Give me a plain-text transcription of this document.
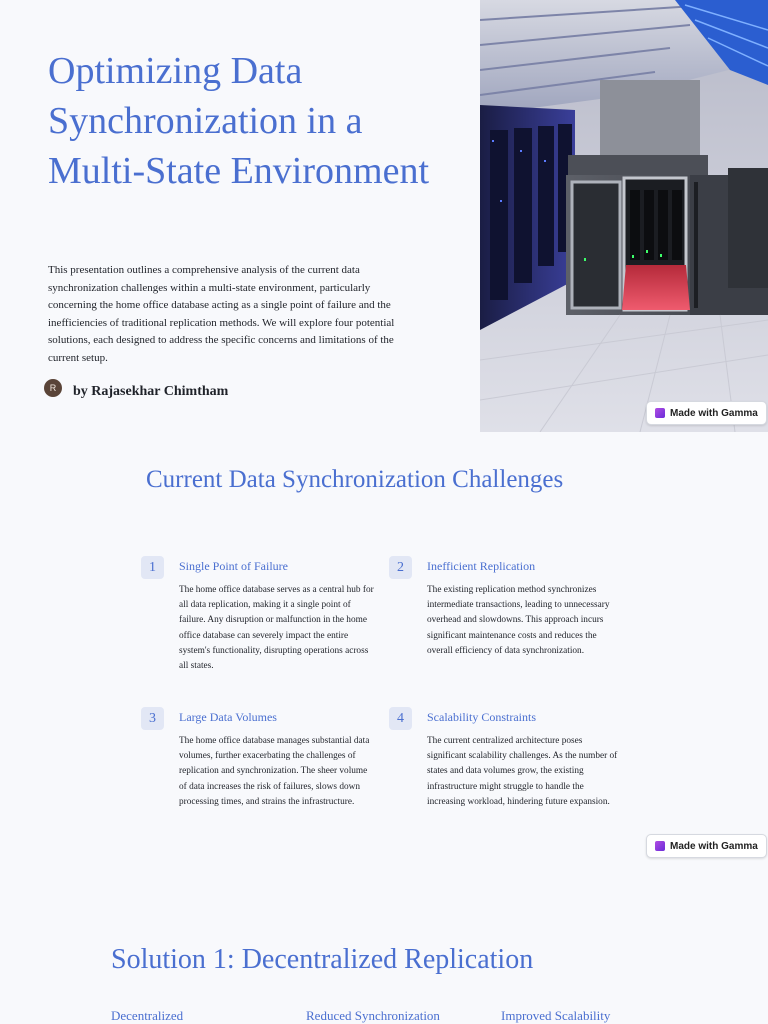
Optimizing Data Synchronization in a Multi-State Environment

This presentation outlines a comprehensive analysis of the current data synchronization challenges within a multi-state environment, particularly concerning the home office database acting as a single point of failure and the inefficiencies of traditional replication methods. We will explore four potential solutions, each designed to address the specific concerns and limitations of the current setup.

R	by Rajasekhar Chimtham
Made with Gamma
Current Data Synchronization Challenges
1	Single Point of Failure

The home office database serves as a central hub for all data replication, making it a single point of failure. Any disruption or malfunction in the home office database can severely impact the entire system's functionality, disrupting operations across all states.

2	Inefficient Replication

The existing replication method synchronizes intermediate transactions, leading to unnecessary overhead and slowdowns. This approach incurs significant maintenance costs and reduces the overall efficiency of data synchronization.

3	Large Data Volumes

The home office database manages substantial data volumes, further exacerbating the challenges of replication and synchronization. The sheer volume of data increases the risk of failures, slows down processing times, and strains the infrastructure.

4	Scalability Constraints

The current centralized architecture poses significant scalability challenges. As the number of states and data volumes grow, the existing infrastructure might struggle to handle the increasing workload, hindering future expansion.

Made with Gamma
Solution 1: Decentralized Replication
Decentralized	Reduced Synchronization	Improved Scalability
